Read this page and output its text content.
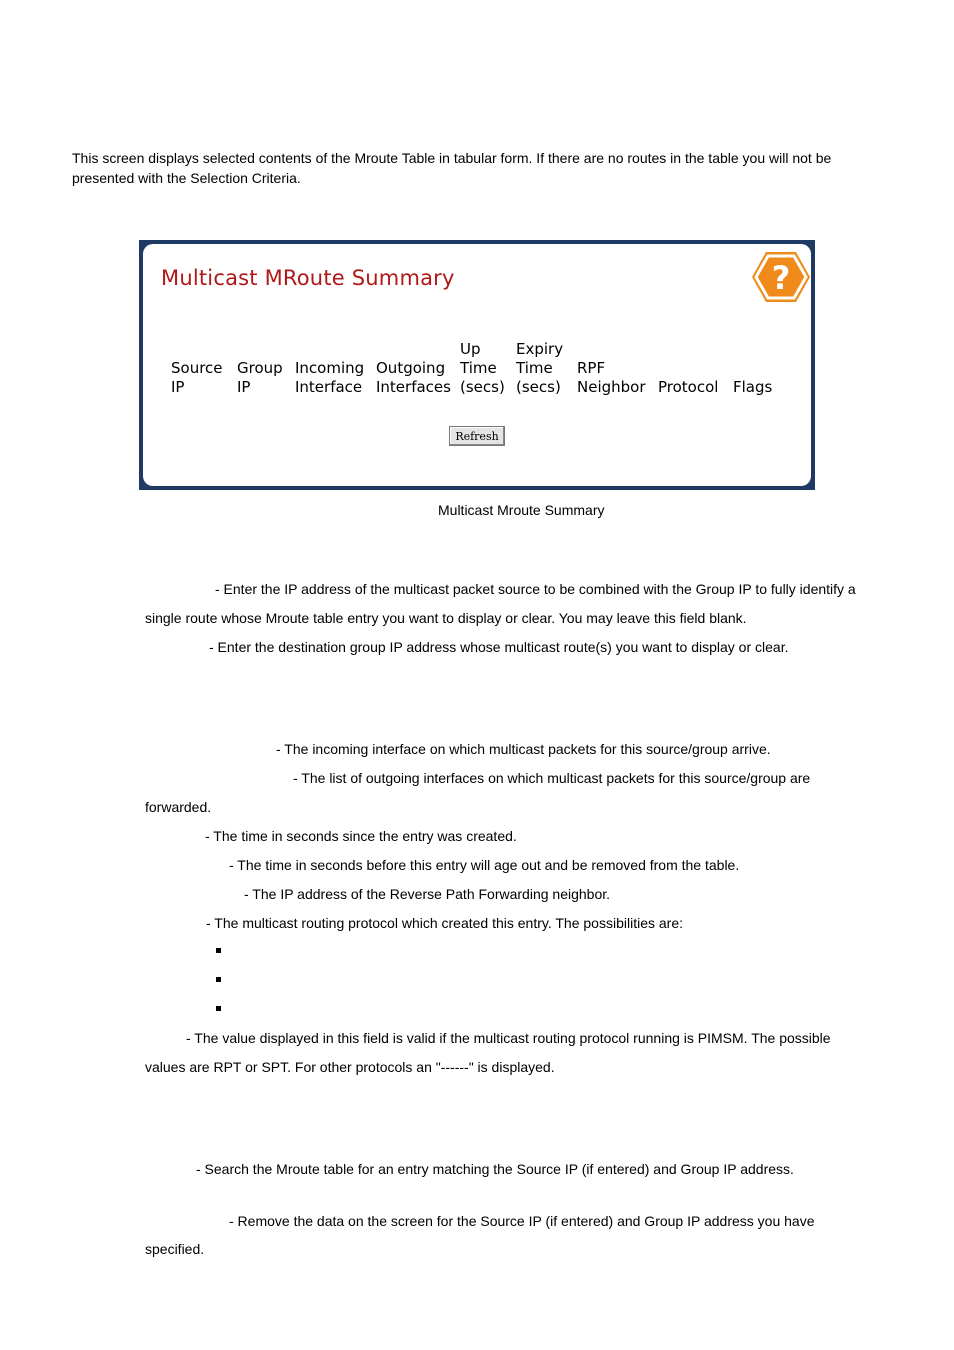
This screen displays selected contents of the Mroute Table in tabular form. If there are no routes in the table you will not be presented with the Selection Criteria.
Multicast MRoute Summary	?

Source
IP

Group
IP

Incoming
Interface

Outgoing
Interfaces
Up
Time
(secs)
Expiry
Time
(secs)

RPF
Neighbor

Protocol

Flags
Refresh
Multicast Mroute Summary
- Enter the IP address of the multicast packet source to be combined with the Group IP to fully identify a
single route whose Mroute table entry you want to display or clear. You may leave this field blank.
- Enter the destination group IP address whose multicast route(s) you want to display or clear.
- The incoming interface on which multicast packets for this source/group arrive.
- The list of outgoing interfaces on which multicast packets for this source/group are
forwarded.
- The time in seconds since the entry was created.
- The time in seconds before this entry will age out and be removed from the table.
- The IP address of the Reverse Path Forwarding neighbor.
- The multicast routing protocol which created this entry. The possibilities are:
- The value displayed in this field is valid if the multicast routing protocol running is PIMSM. The possible
values are RPT or SPT. For other protocols an "------" is displayed.
- Search the Mroute table for an entry matching the Source IP (if entered) and Group IP address.
- Remove the data on the screen for the Source IP (if entered) and Group IP address you have
specified.
